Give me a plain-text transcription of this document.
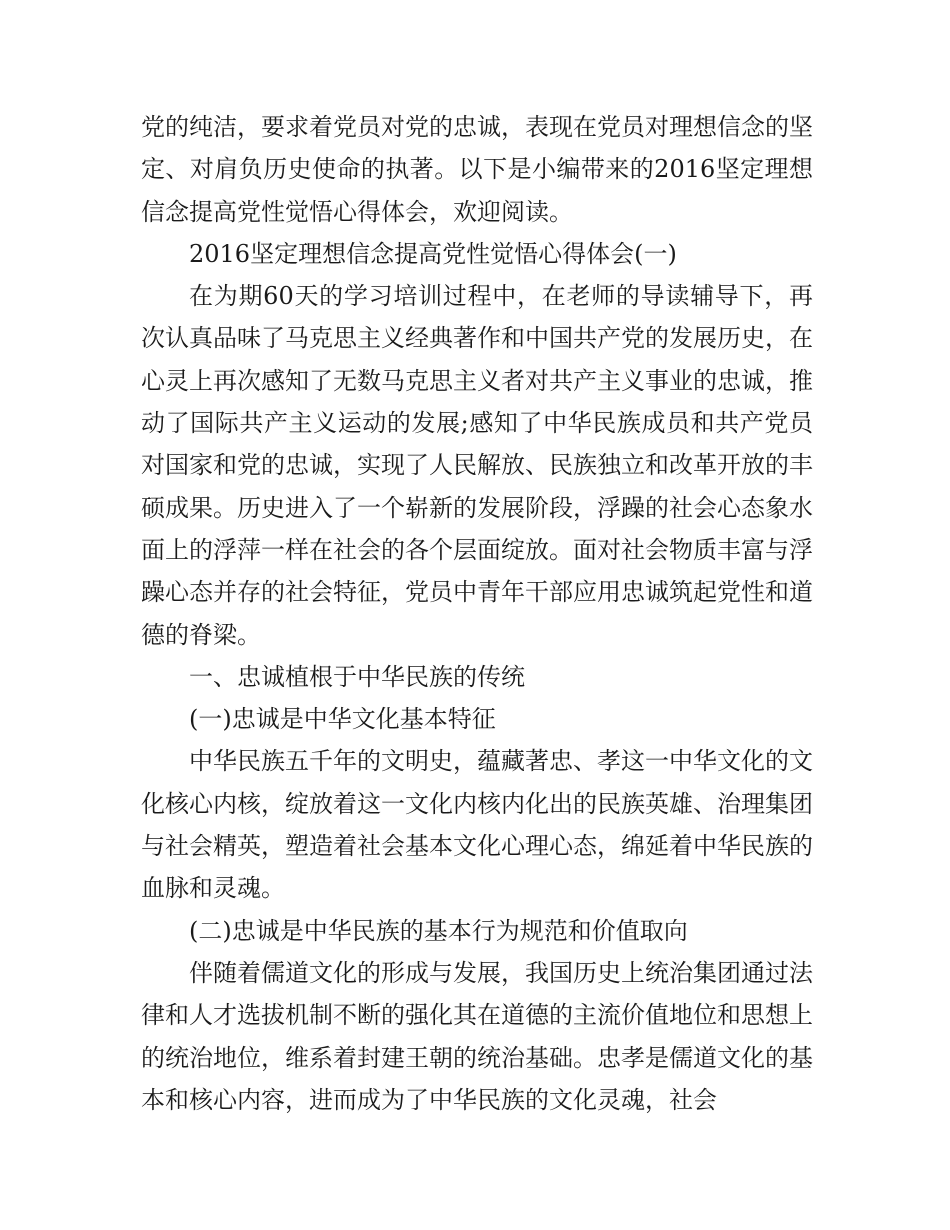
党的纯洁，要求着党员对党的忠诚，表现在党员对理想信念的坚定、对肩负历史使命的执著。以下是小编带来的2016坚定理想信念提高党性觉悟心得体会，欢迎阅读。

2016坚定理想信念提高党性觉悟心得体会(一)

在为期60天的学习培训过程中，在老师的导读辅导下，再次认真品味了马克思主义经典著作和中国共产党的发展历史，在心灵上再次感知了无数马克思主义者对共产主义事业的忠诚，推动了国际共产主义运动的发展;感知了中华民族成员和共产党员对国家和党的忠诚，实现了人民解放、民族独立和改革开放的丰硕成果。历史进入了一个崭新的发展阶段，浮躁的社会心态象水面上的浮萍一样在社会的各个层面绽放。面对社会物质丰富与浮躁心态并存的社会特征，党员中青年干部应用忠诚筑起党性和道德的脊梁。

一、忠诚植根于中华民族的传统

(一)忠诚是中华文化基本特征

中华民族五千年的文明史，蕴藏著忠、孝这一中华文化的文化核心内核，绽放着这一文化内核内化出的民族英雄、治理集团与社会精英，塑造着社会基本文化心理心态，绵延着中华民族的血脉和灵魂。

(二)忠诚是中华民族的基本行为规范和价值取向

伴随着儒道文化的形成与发展，我国历史上统治集团通过法律和人才选拔机制不断的强化其在道德的主流价值地位和思想上的统治地位，维系着封建王朝的统治基础。忠孝是儒道文化的基本和核心内容，进而成为了中华民族的文化灵魂，社会
